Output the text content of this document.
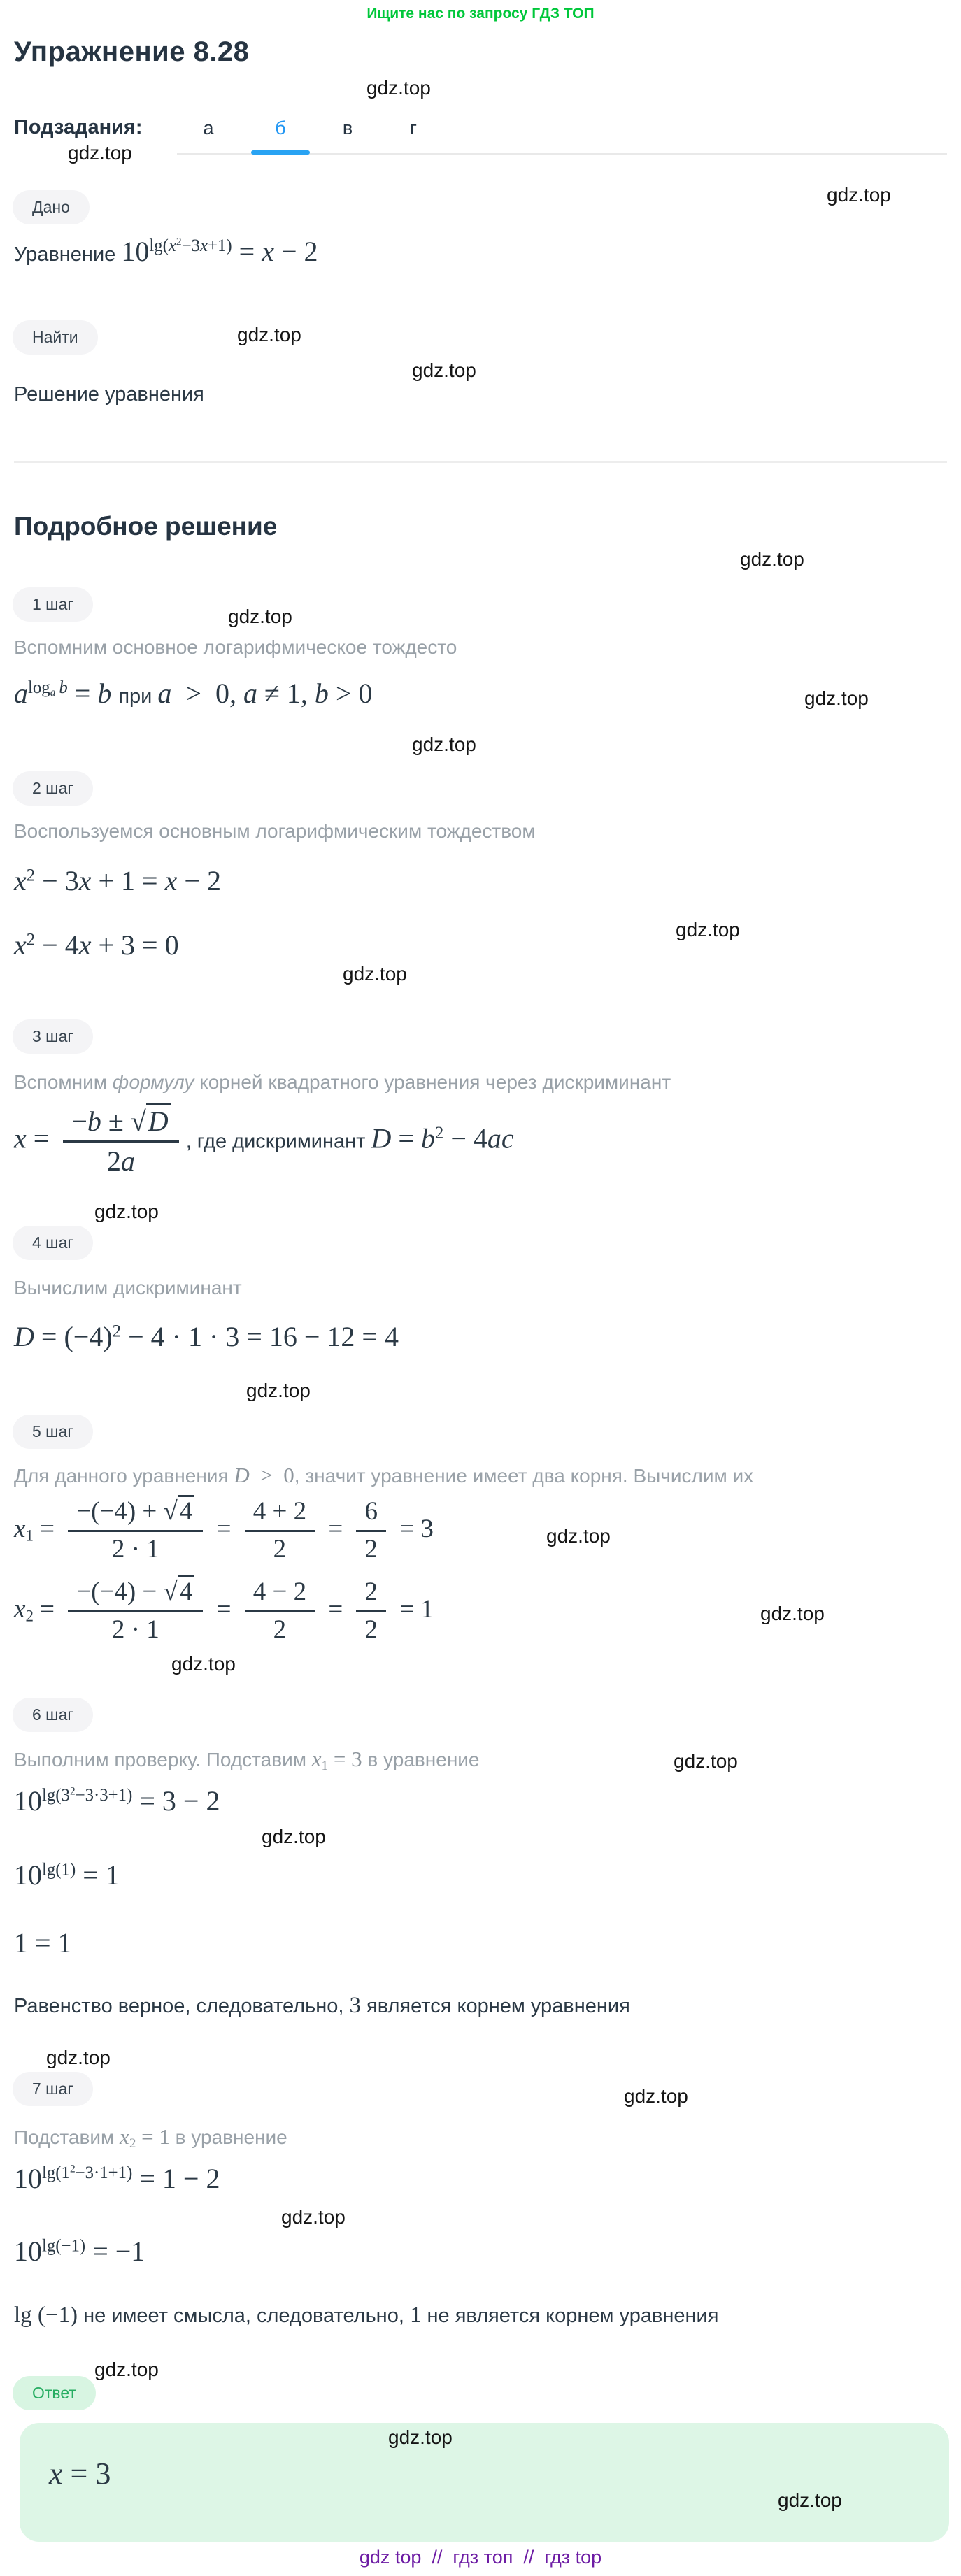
Ищите нас по запросу ГДЗ ТОП
Упражнение 8.28
Подзадания:	а	б	в	г
Дано
Уравнение $10^{lg(x^2-3x+1)} = x - 2$
Найти
Решение уравнения
Подробное решение
1 шаг
Вспомним основное логарифмическое тождесто
$a^{log_a b} = b$ при a  >  0, a ≠ 1, b > 0
2 шаг
Воспользуемся основным логарифмическим тождеством
$x^2 - 3x + 1 = x - 2$
$x^2 - 4x + 3 = 0$
3 шаг
Вспомним формулу корней квадратного уравнения через дискриминант
$x = \frac{-b \pm √D}{2a}$ , где дискриминант $D = b^2 - 4ac$
4 шаг
Вычислим дискриминант
$D = (-4)^2 - 4 \cdot 1 \cdot 3 = 16 - 12 = 4$
5 шаг
Для данного уравнения D  >  0, значит уравнение имеет два корня. Вычислим их
$x_1 = \frac{-(-4) + √4}{2 \cdot 1} = \frac{4 + 2}{2} = \frac{6}{2} = 3$
$x_2 = \frac{-(-4) - √4}{2 \cdot 1} = \frac{4 - 2}{2} = \frac{2}{2} = 1$
6 шаг
Выполним проверку. Подставим $x_1 = 3$ в уравнение
$10^{lg(3^2-3\cdot 3+1)} = 3 - 2$
$10^{lg(1)} = 1$
1 = 1
Равенство верное, следовательно, 3 является корнем уравнения
7 шаг
Подставим $x_2 = 1$ в уравнение
$10^{lg(1^2-3\cdot 1+1)} = 1 - 2$
$10^{lg(-1)} = -1$
lg (−1) не имеет смысла, следовательно, 1 не является корнем уравнения
Ответ
x = 3
gdz top  //  гдз топ  //  гдз top
gdz.top
gdz.top
gdz.top
gdz.top
gdz.top
gdz.top
gdz.top
gdz.top
gdz.top
gdz.top
gdz.top
gdz.top
gdz.top
gdz.top
gdz.top
gdz.top
gdz.top
gdz.top
gdz.top
gdz.top
gdz.top
gdz.top
gdz.top
gdz.top
